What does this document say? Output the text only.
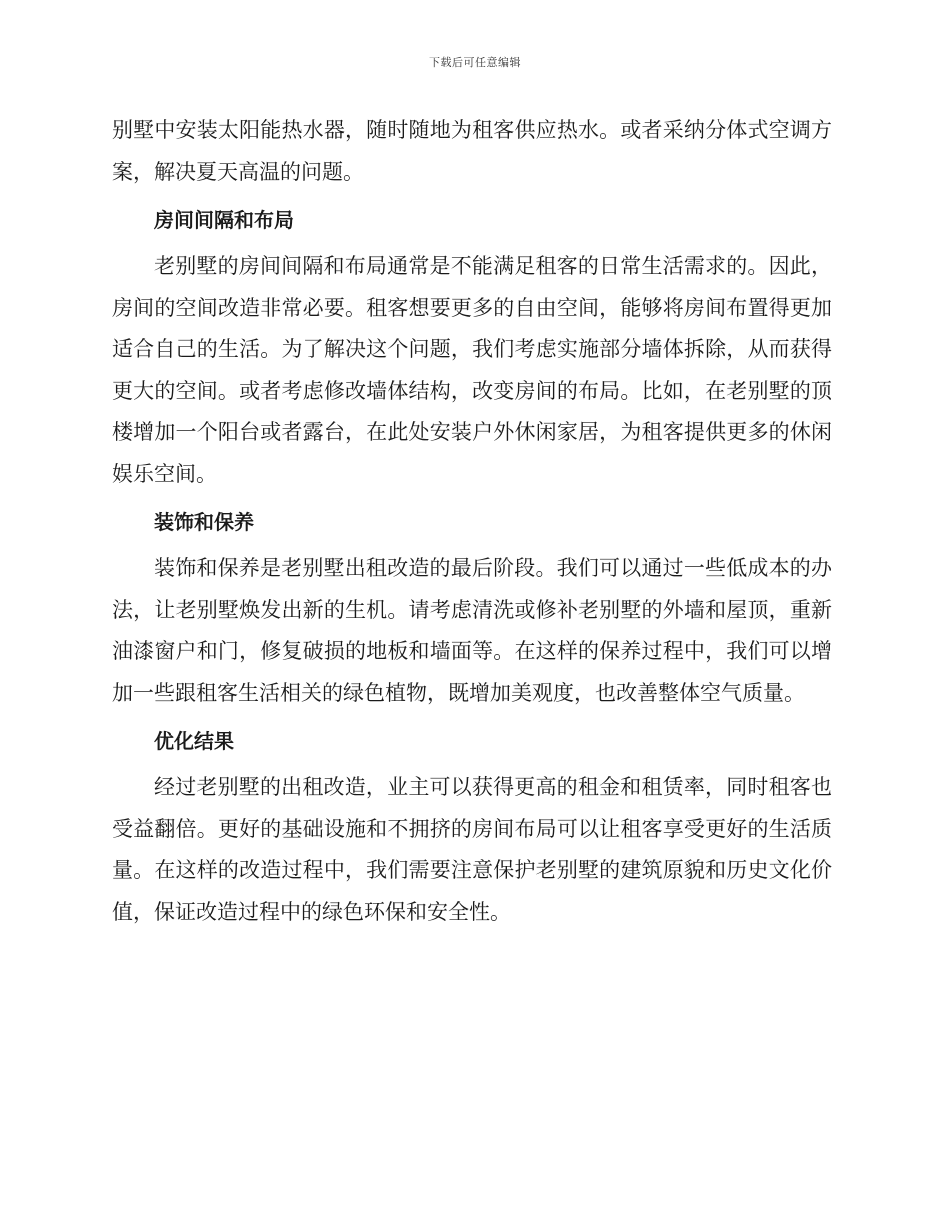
下载后可任意编辑

别墅中安装太阳能热水器，随时随地为租客供应热水。或者采纳分体式空调方案，解决夏天高温的问题。

房间间隔和布局

老别墅的房间间隔和布局通常是不能满足租客的日常生活需求的。因此，房间的空间改造非常必要。租客想要更多的自由空间，能够将房间布置得更加适合自己的生活。为了解决这个问题，我们考虑实施部分墙体拆除，从而获得更大的空间。或者考虑修改墙体结构，改变房间的布局。比如，在老别墅的顶楼增加一个阳台或者露台，在此处安装户外休闲家居，为租客提供更多的休闲娱乐空间。

装饰和保养

装饰和保养是老别墅出租改造的最后阶段。我们可以通过一些低成本的办法，让老别墅焕发出新的生机。请考虑清洗或修补老别墅的外墙和屋顶，重新油漆窗户和门，修复破损的地板和墙面等。在这样的保养过程中，我们可以增加一些跟租客生活相关的绿色植物，既增加美观度，也改善整体空气质量。

优化结果

经过老别墅的出租改造，业主可以获得更高的租金和租赁率，同时租客也受益翻倍。更好的基础设施和不拥挤的房间布局可以让租客享受更好的生活质量。在这样的改造过程中，我们需要注意保护老别墅的建筑原貌和历史文化价值，保证改造过程中的绿色环保和安全性。
